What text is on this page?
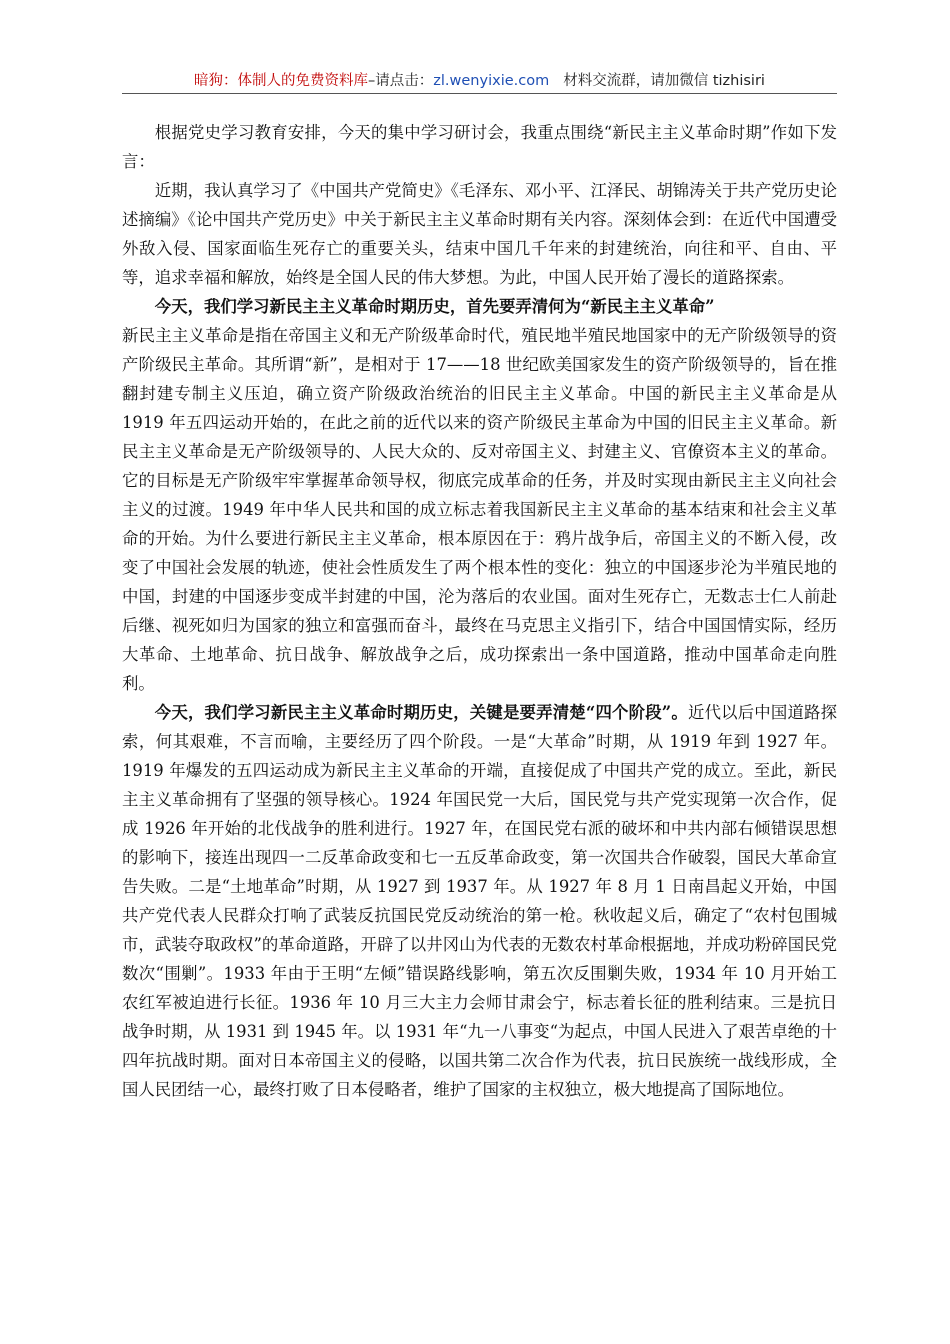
暗狗：体制人的免费资料库–请点击：zl.wenyixie.com 材料交流群，请加微信 tizhisiri

根据党史学习教育安排，今天的集中学习研讨会，我重点围绕“新民主主义革命时期”作如下发言：

近期，我认真学习了《中国共产党简史》《毛泽东、邓小平、江泽民、胡锦涛关于共产党历史论述摘编》《论中国共产党历史》中关于新民主主义革命时期有关内容。深刻体会到：在近代中国遭受外敌入侵、国家面临生死存亡的重要关头，结束中国几千年来的封建统治，向往和平、自由、平等，追求幸福和解放，始终是全国人民的伟大梦想。为此，中国人民开始了漫长的道路探索。

今天，我们学习新民主主义革命时期历史，首先要弄清何为“新民主主义革命”

新民主主义革命是指在帝国主义和无产阶级革命时代，殖民地半殖民地国家中的无产阶级领导的资产阶级民主革命。其所谓“新”，是相对于 17——18 世纪欧美国家发生的资产阶级领导的，旨在推翻封建专制主义压迫，确立资产阶级政治统治的旧民主主义革命。中国的新民主主义革命是从 1919 年五四运动开始的，在此之前的近代以来的资产阶级民主革命为中国的旧民主主义革命。新民主主义革命是无产阶级领导的、人民大众的、反对帝国主义、封建主义、官僚资本主义的革命。它的目标是无产阶级牢牢掌握革命领导权，彻底完成革命的任务，并及时实现由新民主主义向社会主义的过渡。1949 年中华人民共和国的成立标志着我国新民主主义革命的基本结束和社会主义革命的开始。为什么要进行新民主主义革命，根本原因在于：鸦片战争后，帝国主义的不断入侵，改变了中国社会发展的轨迹，使社会性质发生了两个根本性的变化：独立的中国逐步沦为半殖民地的中国，封建的中国逐步变成半封建的中国，沦为落后的农业国。面对生死存亡，无数志士仁人前赴后继、视死如归为国家的独立和富强而奋斗，最终在马克思主义指引下，结合中国国情实际，经历大革命、土地革命、抗日战争、解放战争之后，成功探索出一条中国道路，推动中国革命走向胜利。

今天，我们学习新民主主义革命时期历史，关键是要弄清楚“四个阶段”。近代以后中国道路探索，何其艰难，不言而喻，主要经历了四个阶段。一是“大革命”时期，从 1919 年到 1927 年。1919 年爆发的五四运动成为新民主主义革命的开端，直接促成了中国共产党的成立。至此，新民主主义革命拥有了坚强的领导核心。1924 年国民党一大后，国民党与共产党实现第一次合作，促成 1926 年开始的北伐战争的胜利进行。1927 年，在国民党右派的破坏和中共内部右倾错误思想的影响下，接连出现四一二反革命政变和七一五反革命政变，第一次国共合作破裂，国民大革命宣告失败。二是“土地革命”时期，从 1927 到 1937 年。从 1927 年 8 月 1 日南昌起义开始，中国共产党代表人民群众打响了武装反抗国民党反动统治的第一枪。秋收起义后，确定了“农村包围城市，武装夺取政权”的革命道路，开辟了以井冈山为代表的无数农村革命根据地，并成功粉碎国民党数次“围剿”。1933 年由于王明“左倾”错误路线影响，第五次反围剿失败，1934 年 10 月开始工农红军被迫进行长征。1936 年 10 月三大主力会师甘肃会宁，标志着长征的胜利结束。三是抗日战争时期，从 1931 到 1945 年。以 1931 年“九一八事变“为起点，中国人民进入了艰苦卓绝的十四年抗战时期。面对日本帝国主义的侵略，以国共第二次合作为代表，抗日民族统一战线形成，全国人民团结一心，最终打败了日本侵略者，维护了国家的主权独立，极大地提高了国际地位。
